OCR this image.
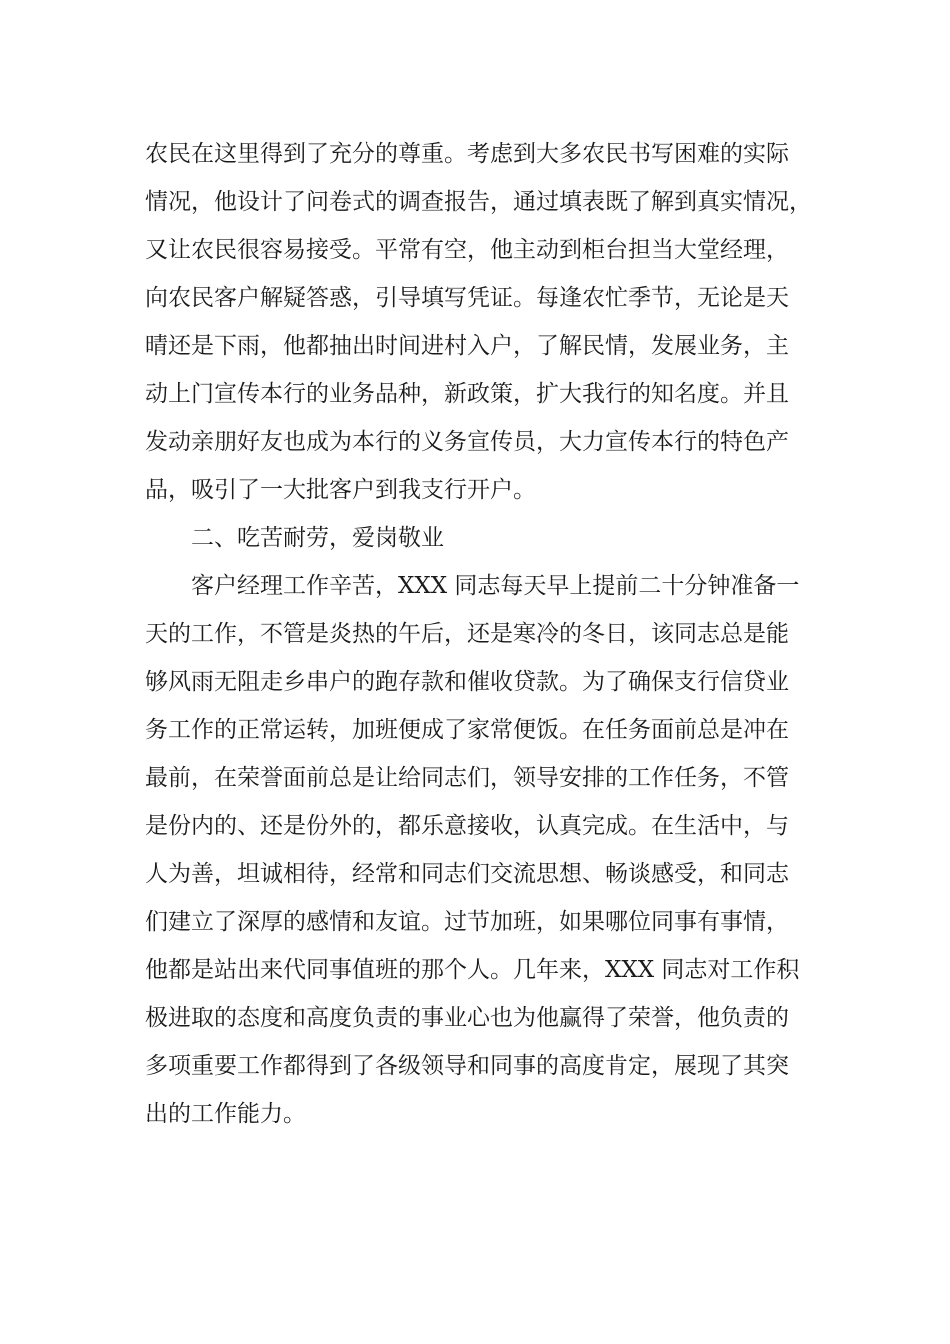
农民在这里得到了充分的尊重。考虑到大多农民书写困难的实际
情况，他设计了问卷式的调查报告，通过填表既了解到真实情况，
又让农民很容易接受。平常有空，他主动到柜台担当大堂经理，
向农民客户解疑答惑，引导填写凭证。每逢农忙季节，无论是天
晴还是下雨，他都抽出时间进村入户，了解民情，发展业务，主
动上门宣传本行的业务品种，新政策，扩大我行的知名度。并且
发动亲朋好友也成为本行的义务宣传员，大力宣传本行的特色产
品，吸引了一大批客户到我支行开户。
二、吃苦耐劳，爱岗敬业
客户经理工作辛苦，XXX 同志每天早上提前二十分钟准备一
天的工作，不管是炎热的午后，还是寒冷的冬日，该同志总是能
够风雨无阻走乡串户的跑存款和催收贷款。为了确保支行信贷业
务工作的正常运转，加班便成了家常便饭。在任务面前总是冲在
最前，在荣誉面前总是让给同志们，领导安排的工作任务，不管
是份内的、还是份外的，都乐意接收，认真完成。在生活中，与
人为善，坦诚相待，经常和同志们交流思想、畅谈感受，和同志
们建立了深厚的感情和友谊。过节加班，如果哪位同事有事情，
他都是站出来代同事值班的那个人。几年来，XXX 同志对工作积
极进取的态度和高度负责的事业心也为他赢得了荣誉，他负责的
多项重要工作都得到了各级领导和同事的高度肯定，展现了其突
出的工作能力。
